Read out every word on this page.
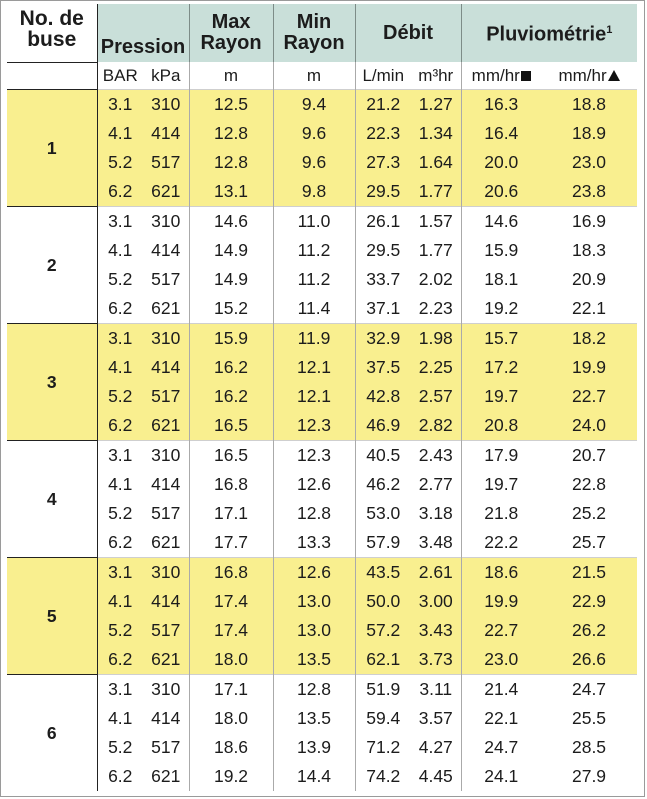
No. de buse	Pression		Max Rayon	Min Rayon	Débit		Pluviométrie$^1$
	BAR	kPa	m	m	L/min	m³hr	mm/hr	mm/hr
1	3.1	310	12.5	9.4	21.2	1.27	16.3	18.8
	4.1	414	12.8	9.6	22.3	1.34	16.4	18.9
	5.2	517	12.8	9.6	27.3	1.64	20.0	23.0
	6.2	621	13.1	9.8	29.5	1.77	20.6	23.8
2	3.1	310	14.6	11.0	26.1	1.57	14.6	16.9
	4.1	414	14.9	11.2	29.5	1.77	15.9	18.3
	5.2	517	14.9	11.2	33.7	2.02	18.1	20.9
	6.2	621	15.2	11.4	37.1	2.23	19.2	22.1
3	3.1	310	15.9	11.9	32.9	1.98	15.7	18.2
	4.1	414	16.2	12.1	37.5	2.25	17.2	19.9
	5.2	517	16.2	12.1	42.8	2.57	19.7	22.7
	6.2	621	16.5	12.3	46.9	2.82	20.8	24.0
4	3.1	310	16.5	12.3	40.5	2.43	17.9	20.7
	4.1	414	16.8	12.6	46.2	2.77	19.7	22.8
	5.2	517	17.1	12.8	53.0	3.18	21.8	25.2
	6.2	621	17.7	13.3	57.9	3.48	22.2	25.7
5	3.1	310	16.8	12.6	43.5	2.61	18.6	21.5
	4.1	414	17.4	13.0	50.0	3.00	19.9	22.9
	5.2	517	17.4	13.0	57.2	3.43	22.7	26.2
	6.2	621	18.0	13.5	62.1	3.73	23.0	26.6
6	3.1	310	17.1	12.8	51.9	3.11	21.4	24.7
	4.1	414	18.0	13.5	59.4	3.57	22.1	25.5
	5.2	517	18.6	13.9	71.2	4.27	24.7	28.5
	6.2	621	19.2	14.4	74.2	4.45	24.1	27.9
